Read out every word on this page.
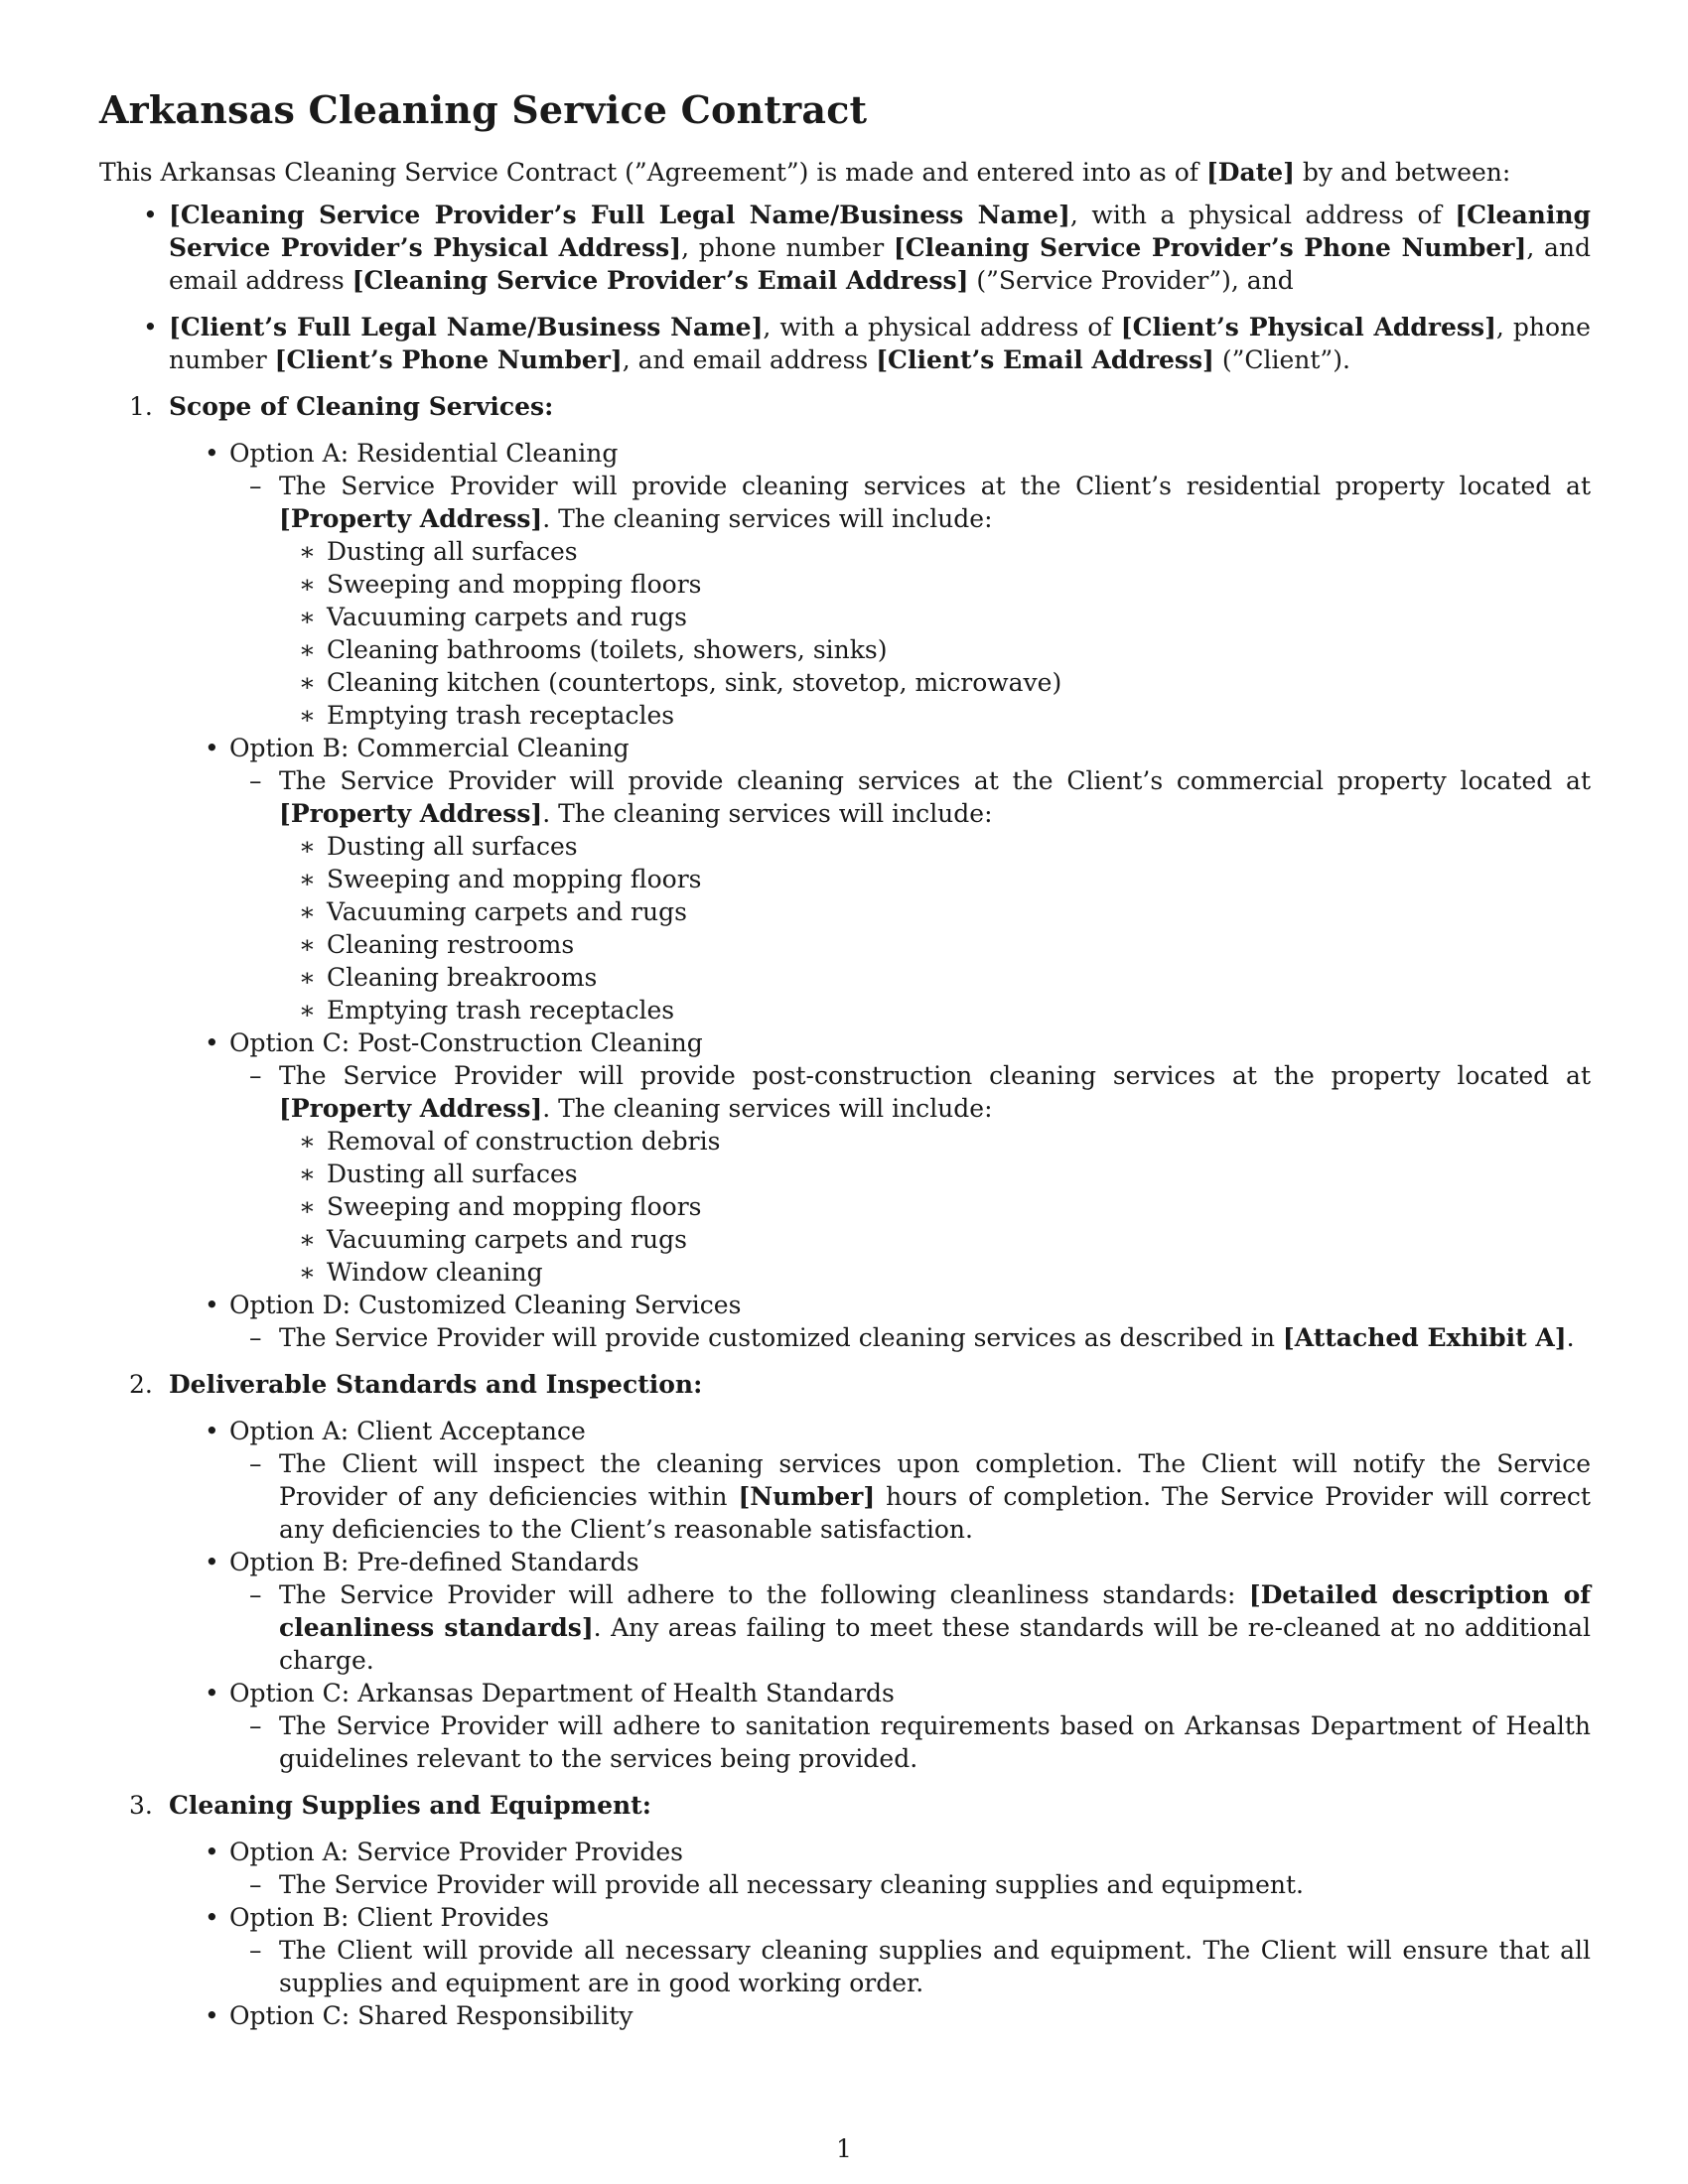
Arkansas Cleaning Service Contract

This Arkansas Cleaning Service Contract (”Agreement”) is made and entered into as of [Date] by and between:

• [Cleaning Service Provider’s Full Legal Name/Business Name], with a physical address of [Cleaning Service Provider’s Physical Address], phone number [Cleaning Service Provider’s Phone Number], and email address [Cleaning Service Provider’s Email Address] (”Service Provider”), and
• [Client’s Full Legal Name/Business Name], with a physical address of [Client’s Physical Address], phone number [Client’s Phone Number], and email address [Client’s Email Address] (”Client”).
1. Scope of Cleaning Services:
• Option A: Residential Cleaning
– The Service Provider will provide cleaning services at the Client’s residential property located at [Property Address]. The cleaning services will include:
∗ Dusting all surfaces
∗ Sweeping and mopping floors
∗ Vacuuming carpets and rugs
∗ Cleaning bathrooms (toilets, showers, sinks)
∗ Cleaning kitchen (countertops, sink, stovetop, microwave)
∗ Emptying trash receptacles
• Option B: Commercial Cleaning
– The Service Provider will provide cleaning services at the Client’s commercial property located at [Property Address]. The cleaning services will include:
∗ Dusting all surfaces
∗ Sweeping and mopping floors
∗ Vacuuming carpets and rugs
∗ Cleaning restrooms
∗ Cleaning breakrooms
∗ Emptying trash receptacles
• Option C: Post-Construction Cleaning
– The Service Provider will provide post-construction cleaning services at the property located at [Property Address]. The cleaning services will include:
∗ Removal of construction debris
∗ Dusting all surfaces
∗ Sweeping and mopping floors
∗ Vacuuming carpets and rugs
∗ Window cleaning
• Option D: Customized Cleaning Services
– The Service Provider will provide customized cleaning services as described in [Attached Exhibit A].
2. Deliverable Standards and Inspection:
• Option A: Client Acceptance
– The Client will inspect the cleaning services upon completion. The Client will notify the Service Provider of any deficiencies within [Number] hours of completion. The Service Provider will correct any deficiencies to the Client’s reasonable satisfaction.
• Option B: Pre-defined Standards
– The Service Provider will adhere to the following cleanliness standards: [Detailed description of cleanliness standards]. Any areas failing to meet these standards will be re-cleaned at no additional charge.
• Option C: Arkansas Department of Health Standards
– The Service Provider will adhere to sanitation requirements based on Arkansas Department of Health guidelines relevant to the services being provided.
3. Cleaning Supplies and Equipment:
• Option A: Service Provider Provides
– The Service Provider will provide all necessary cleaning supplies and equipment.
• Option B: Client Provides
– The Client will provide all necessary cleaning supplies and equipment. The Client will ensure that all supplies and equipment are in good working order.
• Option C: Shared Responsibility
1
